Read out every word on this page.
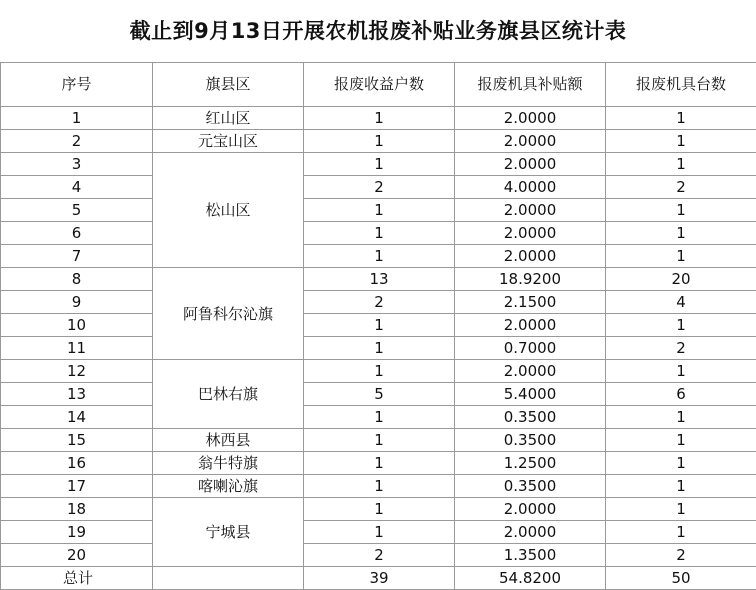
截止到9月13日开展农机报废补贴业务旗县区统计表
序号	旗县区	报废收益户数	报废机具补贴额	报废机具台数
1	红山区	1	2.0000	1
2	元宝山区	1	2.0000	1
3	松山区	1	2.0000	1
4		2	4.0000	2
5		1	2.0000	1
6		1	2.0000	1
7		1	2.0000	1
8	阿鲁科尔沁旗	13	18.9200	20
9		2	2.1500	4
10		1	2.0000	1
11		1	0.7000	2
12	巴林右旗	1	2.0000	1
13		5	5.4000	6
14		1	0.3500	1
15	林西县	1	0.3500	1
16	翁牛特旗	1	1.2500	1
17	喀喇沁旗	1	0.3500	1
18	宁城县	1	2.0000	1
19		1	2.0000	1
20		2	1.3500	2
总计		39	54.8200	50
